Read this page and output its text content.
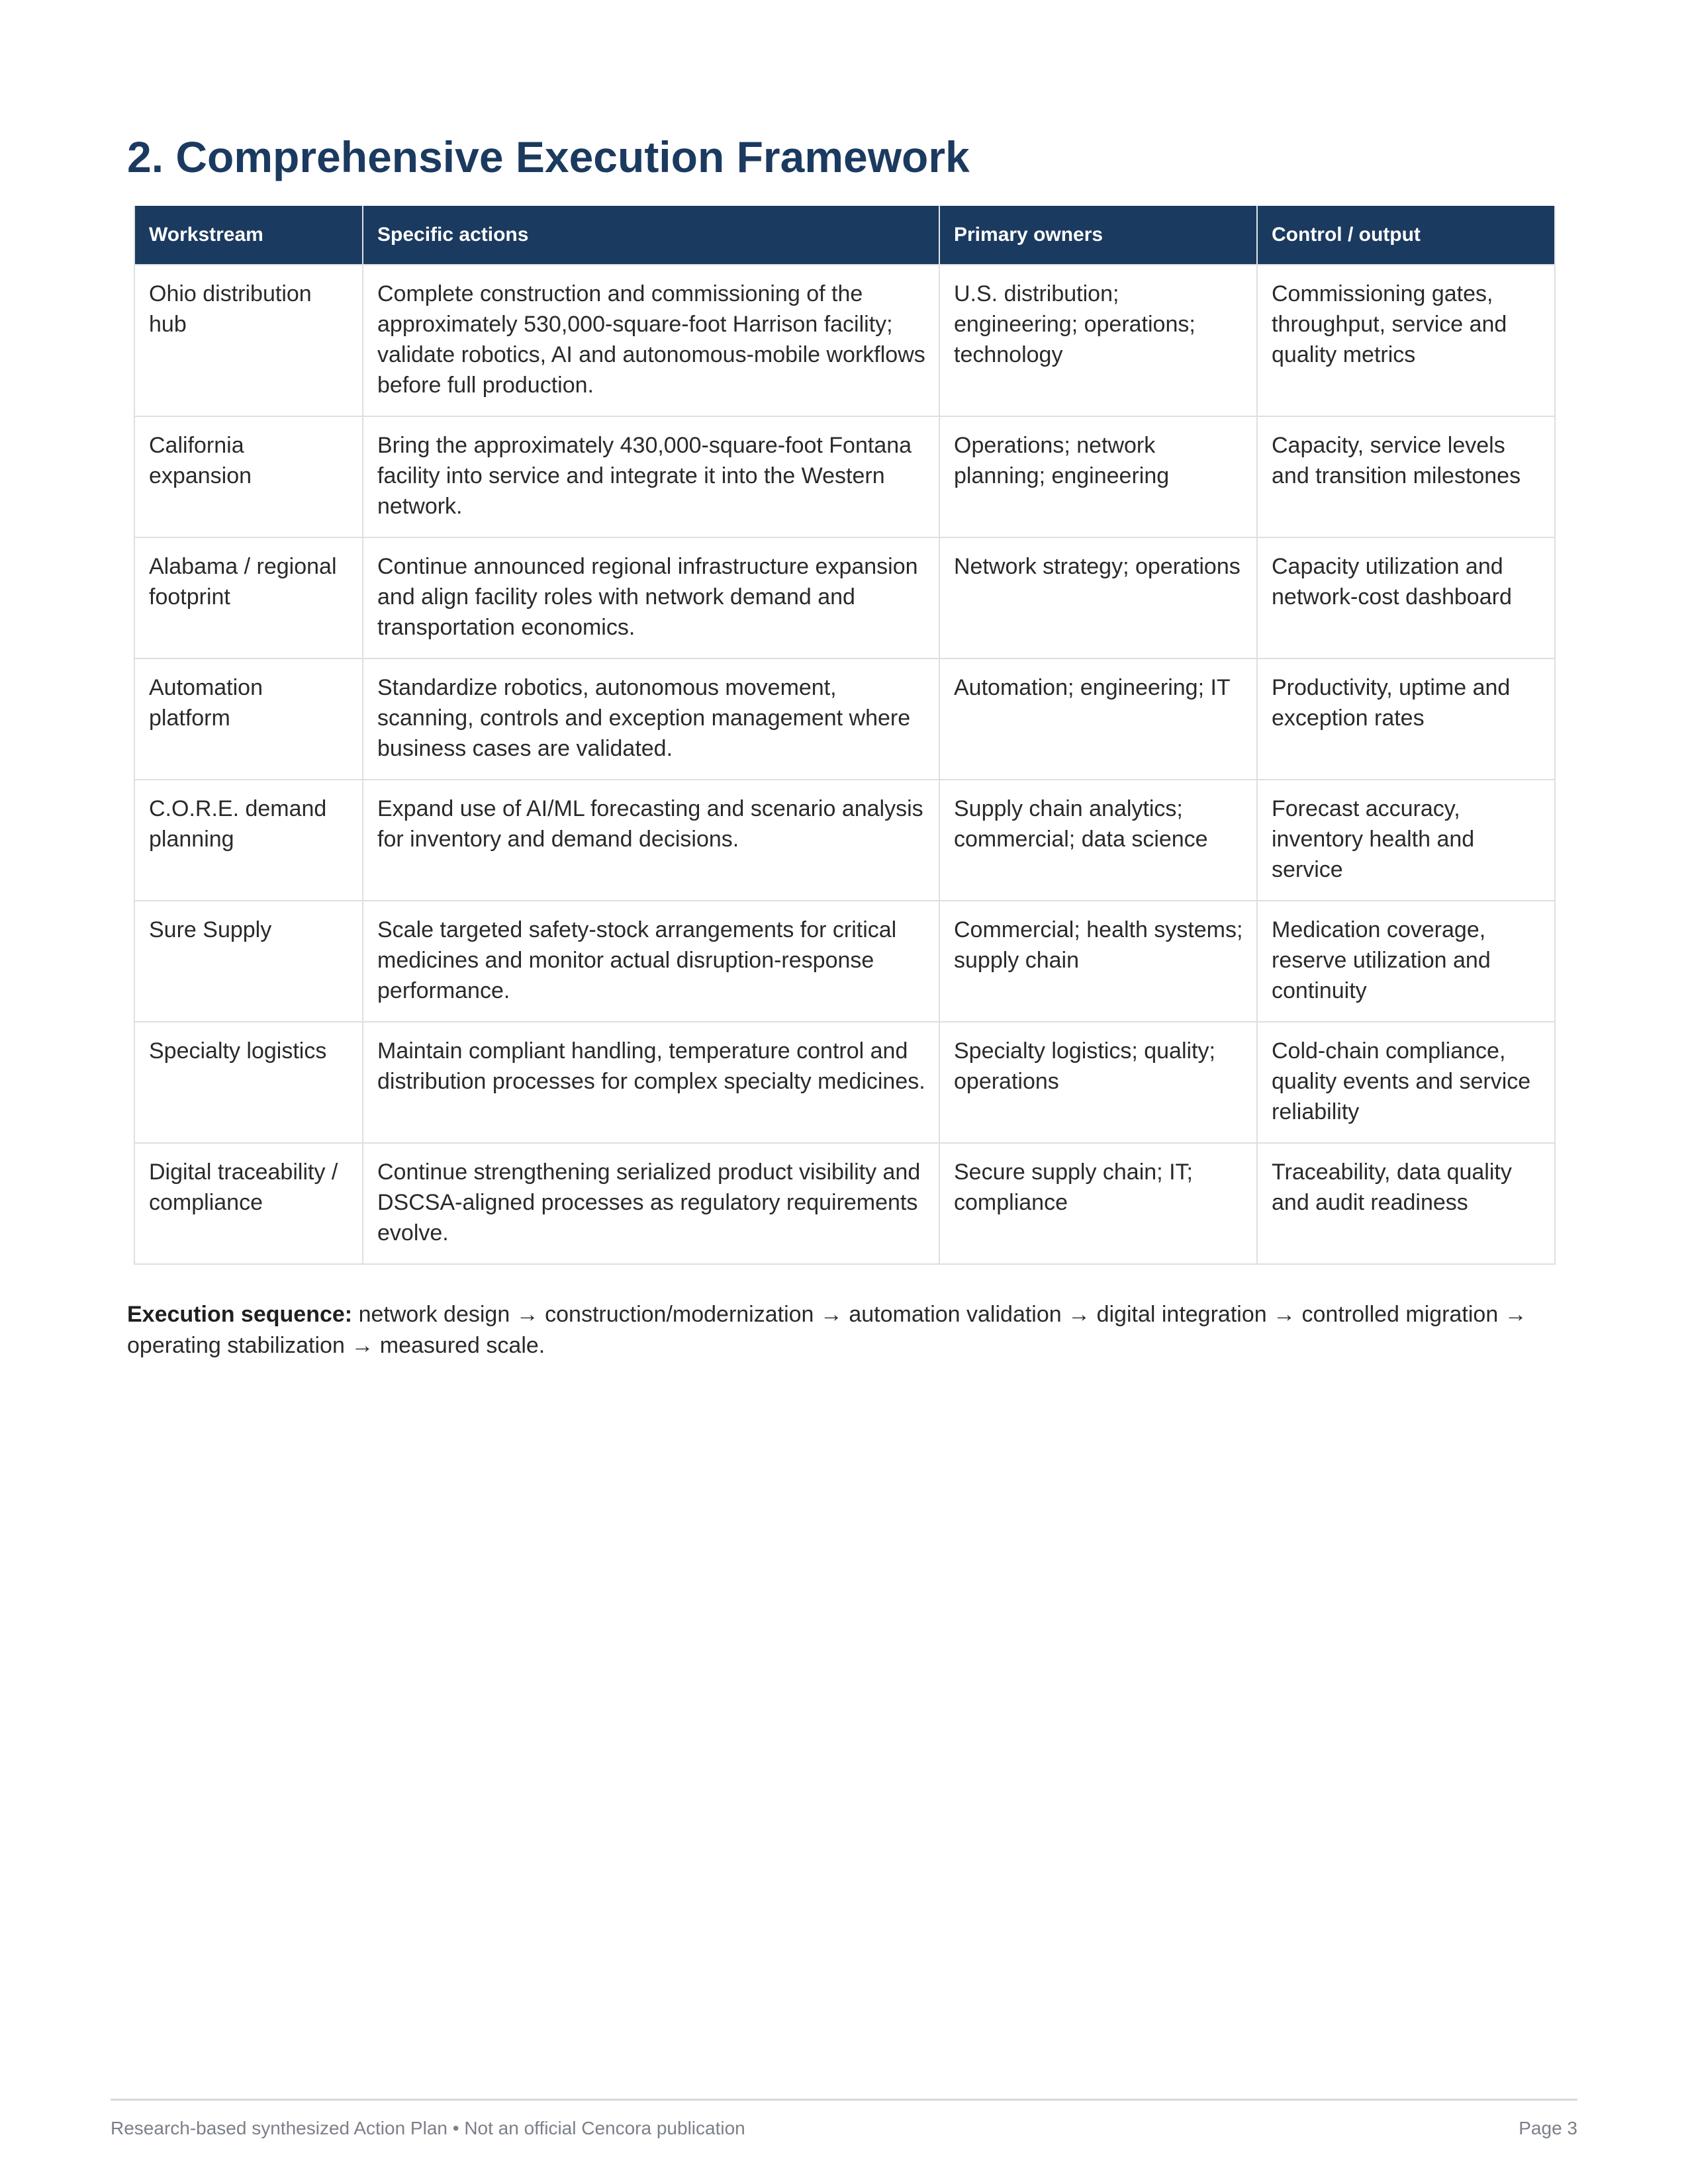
2. Comprehensive Execution Framework
Workstream	Specific actions	Primary owners	Control / output
Ohio distribution hub	Complete construction and commissioning of the approximately 530,000-square-foot Harrison facility; validate robotics, AI and autonomous-mobile workflows before full production.	U.S. distribution; engineering; operations; technology	Commissioning gates, throughput, service and quality metrics
California expansion	Bring the approximately 430,000-square-foot Fontana facility into service and integrate it into the Western network.	Operations; network planning; engineering	Capacity, service levels and transition milestones
Alabama / regional footprint	Continue announced regional infrastructure expansion and align facility roles with network demand and transportation economics.	Network strategy; operations	Capacity utilization and network-cost dashboard
Automation platform	Standardize robotics, autonomous movement, scanning, controls and exception management where business cases are validated.	Automation; engineering; IT	Productivity, uptime and exception rates
C.O.R.E. demand planning	Expand use of AI/ML forecasting and scenario analysis for inventory and demand decisions.	Supply chain analytics; commercial; data science	Forecast accuracy, inventory health and service
Sure Supply	Scale targeted safety-stock arrangements for critical medicines and monitor actual disruption-response performance.	Commercial; health systems; supply chain	Medication coverage, reserve utilization and continuity
Specialty logistics	Maintain compliant handling, temperature control and distribution processes for complex specialty medicines.	Specialty logistics; quality; operations	Cold-chain compliance, quality events and service reliability
Digital traceability / compliance	Continue strengthening serialized product visibility and DSCSA-aligned processes as regulatory requirements evolve.	Secure supply chain; IT; compliance	Traceability, data quality and audit readiness

Execution sequence: network design → construction/modernization → automation validation → digital integration → controlled migration → operating stabilization → measured scale.

Research-based synthesized Action Plan • Not an official Cencora publication	Page 3
